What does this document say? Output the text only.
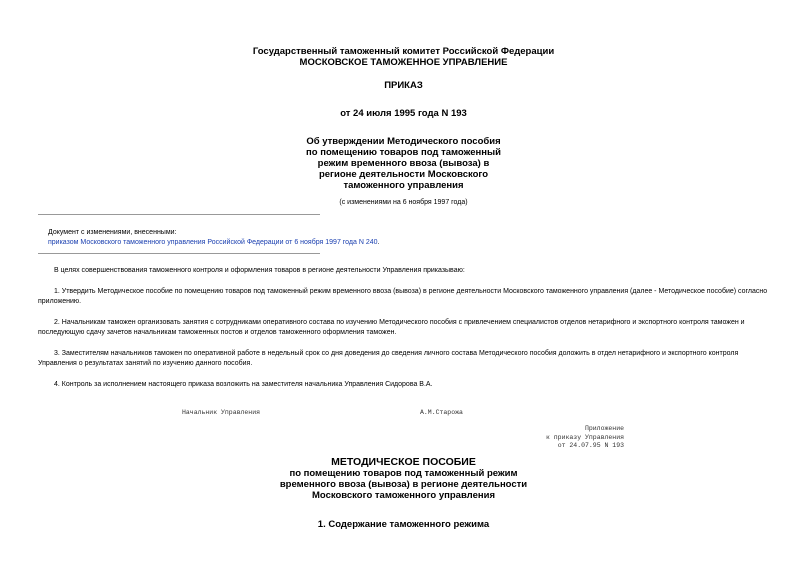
Государственный таможенный комитет Российской Федерации
МОСКОВСКОЕ ТАМОЖЕННОЕ УПРАВЛЕНИЕ
ПРИКАЗ
от 24 июля 1995 года N 193
Об утверждении Методического пособия
по помещению товаров под таможенный
режим временного ввоза (вывоза) в
регионе деятельности Московского
таможенного управления
(с изменениями на 6 ноября 1997 года)
Документ с изменениями, внесенными:
приказом Московского таможенного управления Российской Федерации от 6 ноября 1997 года N 240.
В целях совершенствования таможенного контроля и оформления товаров в регионе деятельности Управления приказываю:
1. Утвердить Методическое пособие по помещению товаров под таможенный режим временного ввоза (вывоза) в регионе деятельности Московского таможенного управления (далее - Методическое пособие) согласно приложению.
2. Начальникам таможен организовать занятия с сотрудниками оперативного состава по изучению Методического пособия с привлечением специалистов отделов нетарифного и экспортного контроля таможен и последующую сдачу зачетов начальникам таможенных постов и отделов таможенного оформления таможен.
3. Заместителям начальников таможен по оперативной работе в недельный срок со дня доведения до сведения личного состава Методического пособия доложить в отдел нетарифного и экспортного контроля Управления о результатах занятий по изучению данного пособия.
4. Контроль за исполнением настоящего приказа возложить на заместителя начальника Управления Сидорова В.А.
Начальник Управления	А.М.Старожа
Приложение
к приказу Управления
от 24.07.95 N 193
МЕТОДИЧЕСКОЕ ПОСОБИЕ
по помещению товаров под таможенный режим
временного ввоза (вывоза) в регионе деятельности
Московского таможенного управления
1. Содержание таможенного режима
